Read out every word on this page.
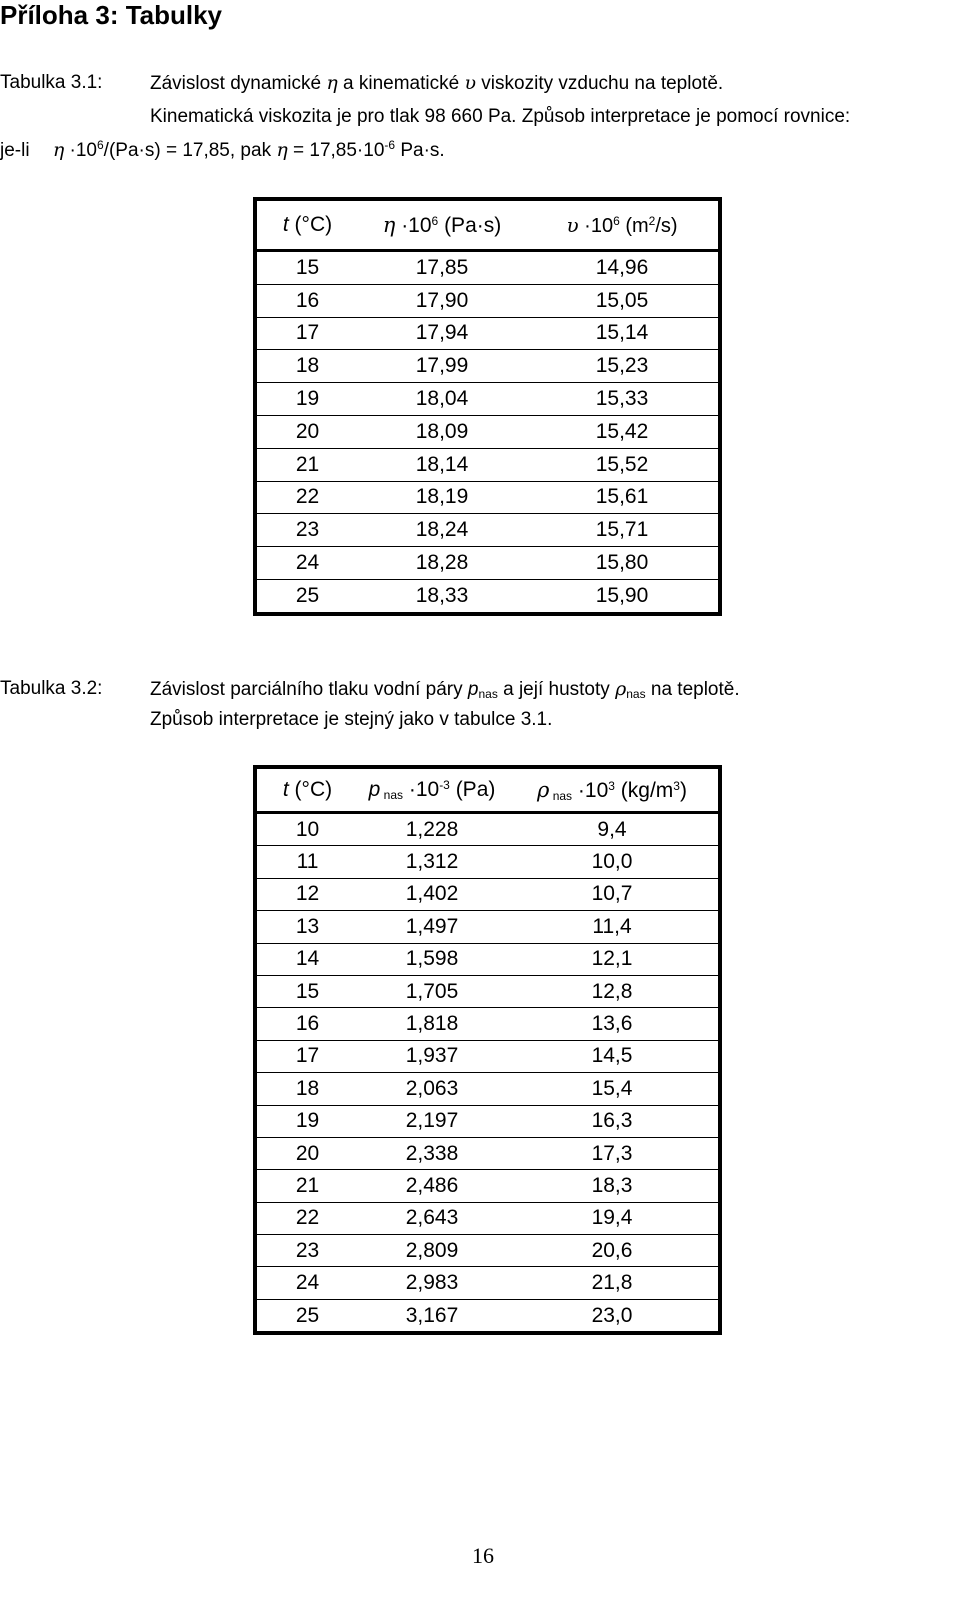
Příloha 3: Tabulky
Tabulka 3.1:	Závislost dynamické η a kinematické υ viskozity vzduchu na teplotě.
Kinematická viskozita je pro tlak 98 660 Pa. Způsob interpretace je pomocí rovnice:
je-li $\eta \cdot 10^6/(Pa\cdot s) = 17,85$, pak $\eta = 17,85\cdot 10^{-6}$ Pa·s.
t (°C)	$\eta \cdot 10^6$ (Pa·s)	$\upsilon \cdot 10^6$ $(m^2/s)$
15	17,85	14,96
16	17,90	15,05
17	17,94	15,14
18	17,99	15,23
19	18,04	15,33
20	18,09	15,42
21	18,14	15,52
22	18,19	15,61
23	18,24	15,71
24	18,28	15,80
25	18,33	15,90
Tabulka 3.2:	Závislost parciálního tlaku vodní páry $p_{nas}$ a její hustoty $\rho_{nas}$ na teplotě.
Způsob interpretace je stejný jako v tabulce 3.1.
t (°C)	p $_{nas} \cdot 10^{-3}$ (Pa)	ρ $_{nas} \cdot 10^3$ $(kg/m^3)$
10	1,228	9,4
11	1,312	10,0
12	1,402	10,7
13	1,497	11,4
14	1,598	12,1
15	1,705	12,8
16	1,818	13,6
17	1,937	14,5
18	2,063	15,4
19	2,197	16,3
20	2,338	17,3
21	2,486	18,3
22	2,643	19,4
23	2,809	20,6
24	2,983	21,8
25	3,167	23,0
16
